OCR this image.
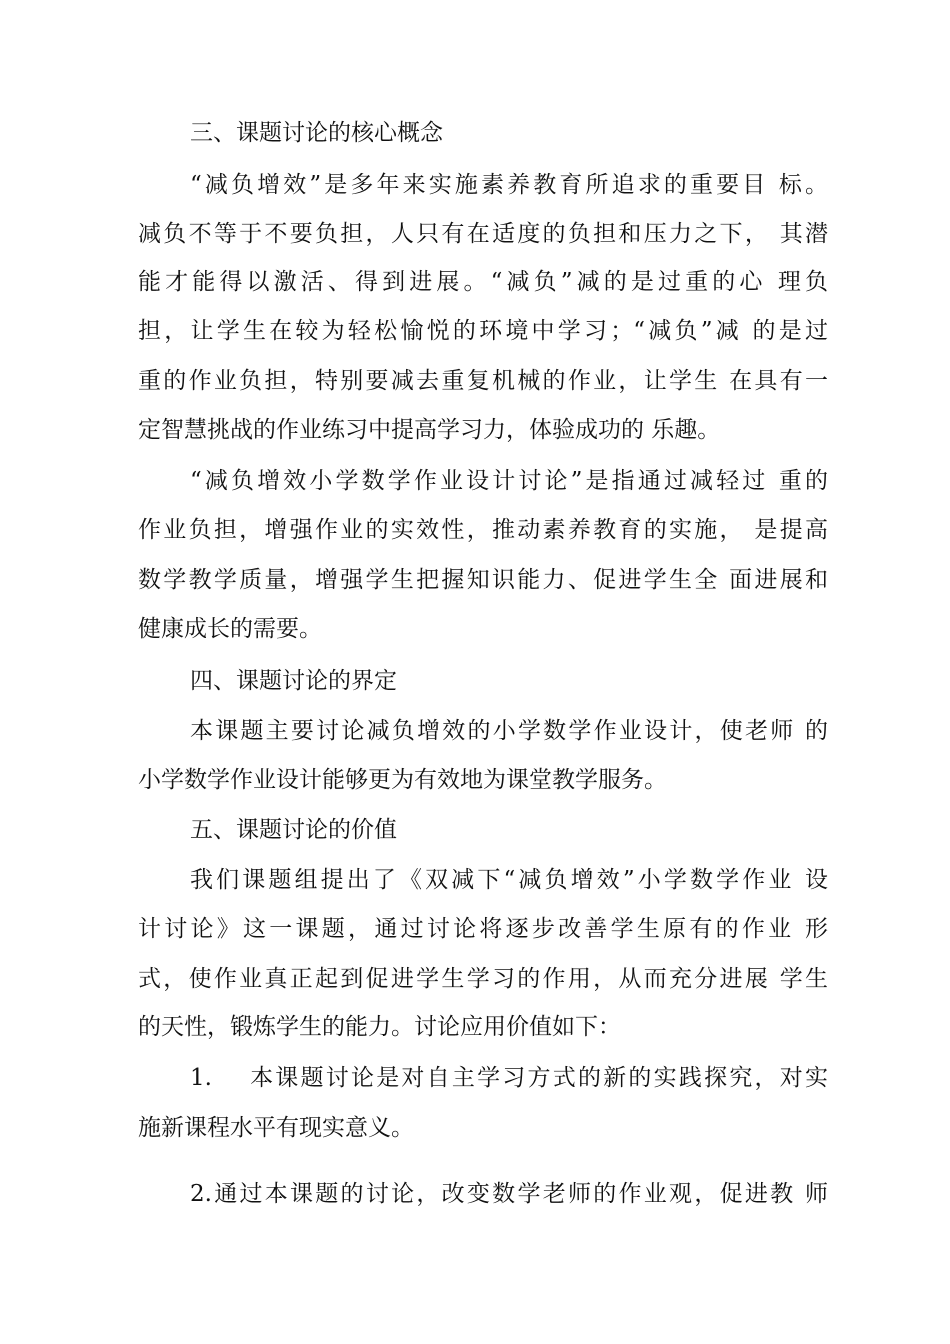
三、课题讨论的核心概念
“减负增效”是多年来实施素养教育所追求的重要目 标。
减负不等于不要负担，人只有在适度的负担和压力之下， 其潜
能才能得以激活、得到进展。“减负”减的是过重的心 理负
担，让学生在较为轻松愉悦的环境中学习；“减负”减 的是过
重的作业负担，特别要减去重复机械的作业，让学生 在具有一
定智慧挑战的作业练习中提高学习力，体验成功的 乐趣。
“减负增效小学数学作业设计讨论”是指通过减轻过 重的
作业负担，增强作业的实效性，推动素养教育的实施， 是提高
数学教学质量，增强学生把握知识能力、促进学生全 面进展和
健康成长的需要。
四、课题讨论的界定
本课题主要讨论减负增效的小学数学作业设计，使老师 的
小学数学作业设计能够更为有效地为课堂教学服务。
五、课题讨论的价值
我们课题组提出了《双减下“减负增效”小学数学作业 设
计讨论》这一课题，通过讨论将逐步改善学生原有的作业 形
式，使作业真正起到促进学生学习的作用，从而充分进展 学生
的天性，锻炼学生的能力。讨论应用价值如下：
1.    本课题讨论是对自主学习方式的新的实践探究，对实
施新课程水平有现实意义。
2.通过本课题的讨论，改变数学老师的作业观，促进教 师
